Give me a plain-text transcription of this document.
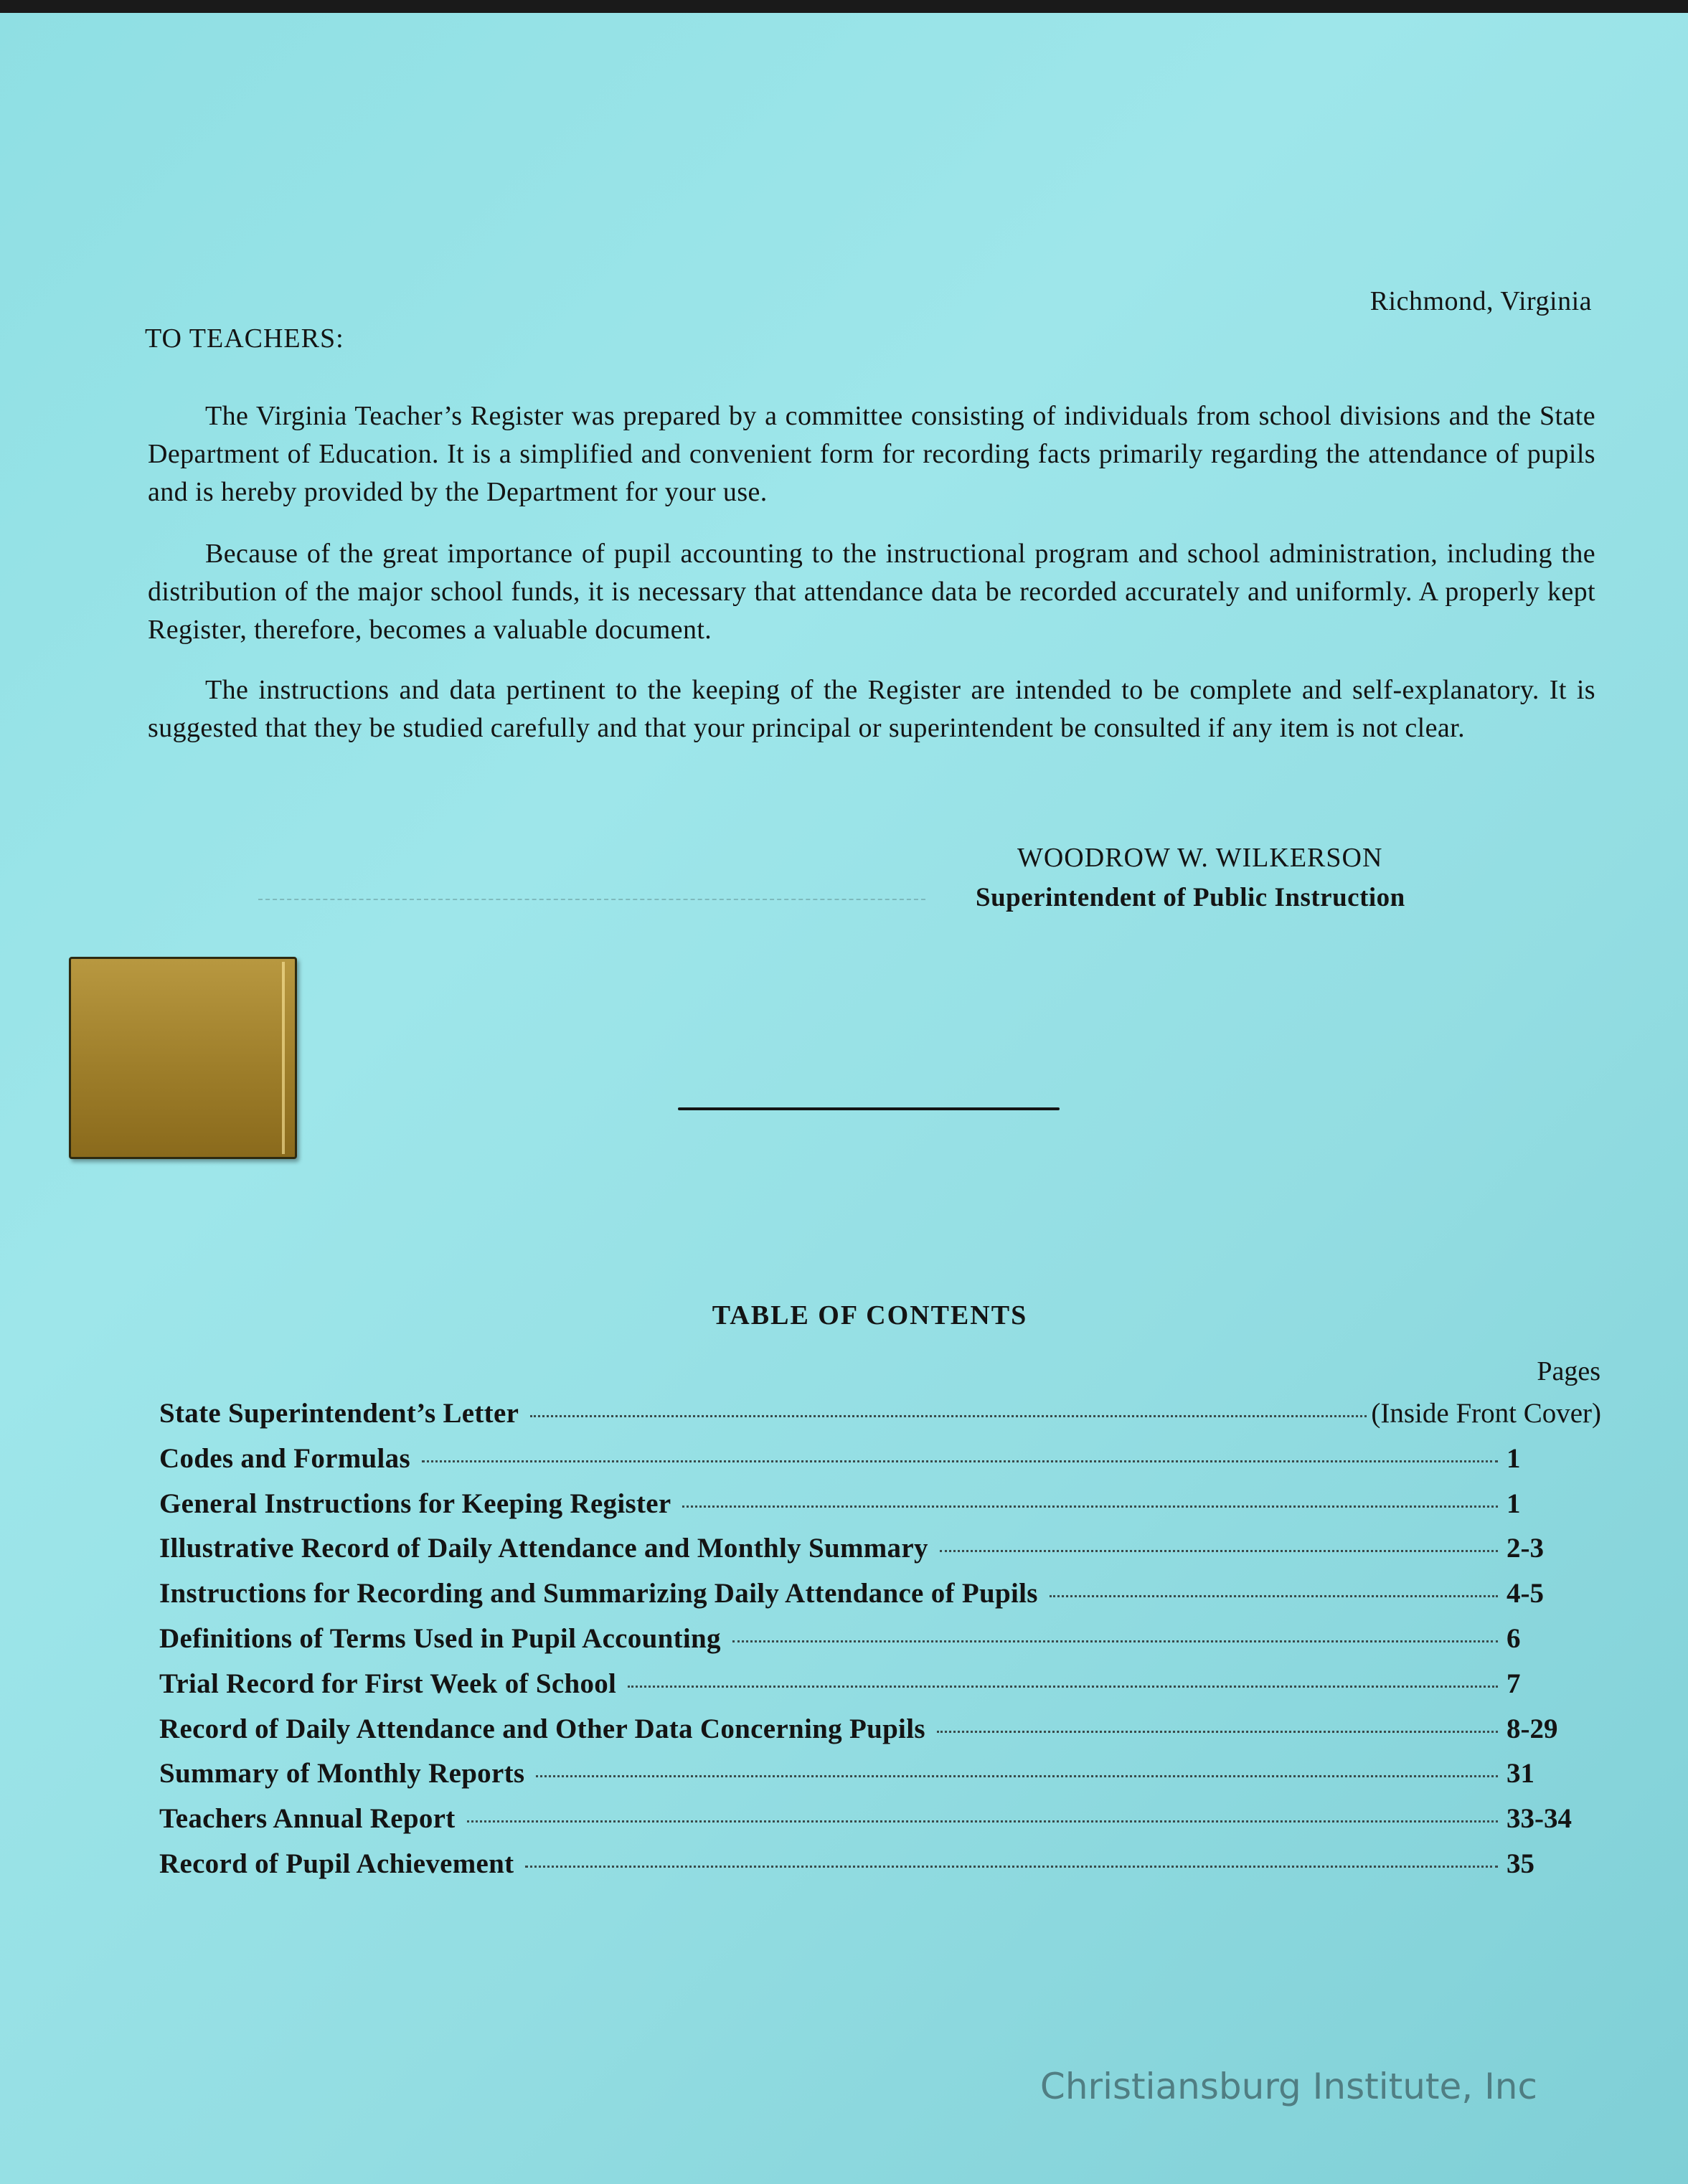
Richmond, Virginia
TO TEACHERS:

The Virginia Teacher’s Register was prepared by a committee consisting of individuals from school divisions and the State Department of Education. It is a simplified and convenient form for recording facts primarily regarding the attendance of pupils and is hereby provided by the Department for your use.

Because of the great importance of pupil accounting to the instructional program and school administration, including the distribution of the major school funds, it is necessary that attendance data be recorded accurately and uniformly. A properly kept Register, therefore, becomes a valuable document.

The instructions and data pertinent to the keeping of the Register are intended to be complete and self-explanatory. It is suggested that they be studied carefully and that your principal or superintendent be consulted if any item is not clear.

WOODROW W. WILKERSON
Superintendent of Public Instruction
TABLE OF CONTENTS
Pages
State Superintendent’s Letter	(Inside Front Cover)
Codes and Formulas	1
General Instructions for Keeping Register	1
Illustrative Record of Daily Attendance and Monthly Summary	2-3
Instructions for Recording and Summarizing Daily Attendance of Pupils	4-5
Definitions of Terms Used in Pupil Accounting	6
Trial Record for First Week of School	7
Record of Daily Attendance and Other Data Concerning Pupils	8-29
Summary of Monthly Reports	31
Teachers Annual Report	33-34
Record of Pupil Achievement	35
Christiansburg Institute, Inc
